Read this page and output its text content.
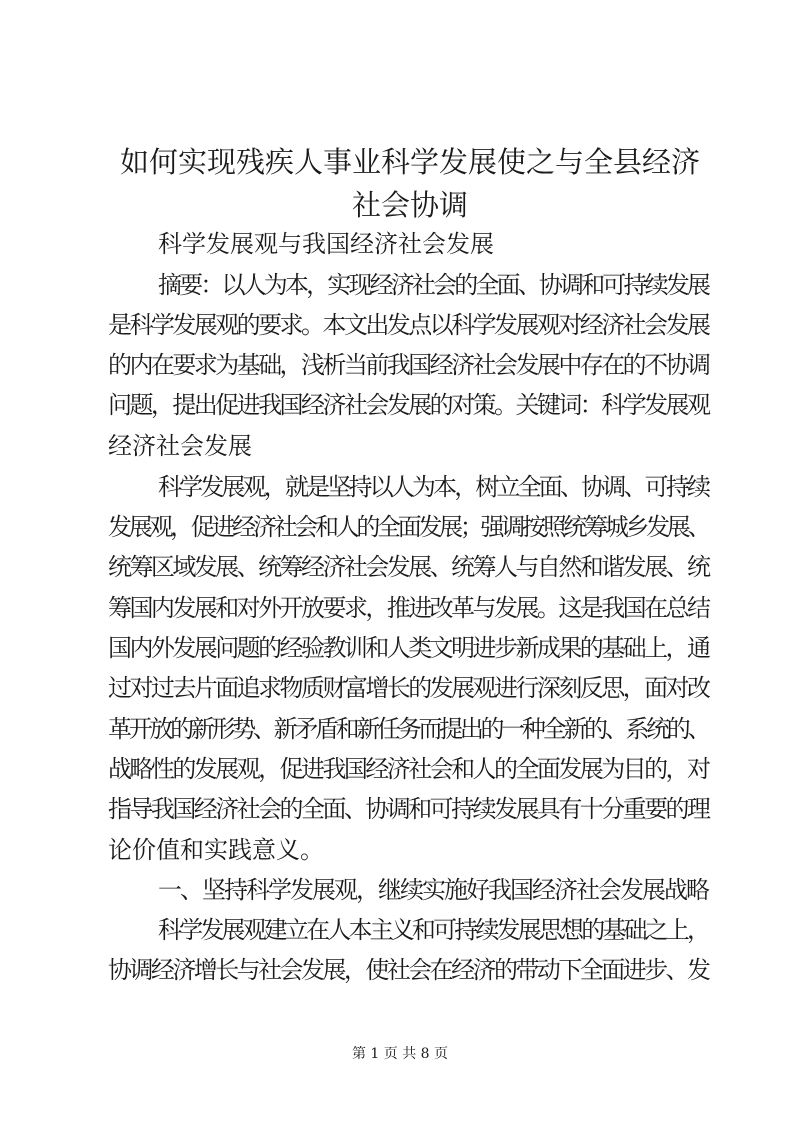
如何实现残疾人事业科学发展使之与全县经济
社会协调
科学发展观与我国经济社会发展
摘要：以人为本，实现经济社会的全面、协调和可持续发展
是科学发展观的要求。本文出发点以科学发展观对经济社会发展
的内在要求为基础，浅析当前我国经济社会发展中存在的不协调
问题，提出促进我国经济社会发展的对策。关键词：科学发展观
经济社会发展
科学发展观，就是坚持以人为本，树立全面、协调、可持续
发展观，促进经济社会和人的全面发展；强调按照统筹城乡发展、
统筹区域发展、统筹经济社会发展、统筹人与自然和谐发展、统
筹国内发展和对外开放要求，推进改革与发展。这是我国在总结
国内外发展问题的经验教训和人类文明进步新成果的基础上，通
过对过去片面追求物质财富增长的发展观进行深刻反思，面对改
革开放的新形势、新矛盾和新任务而提出的一种全新的、系统的、
战略性的发展观，促进我国经济社会和人的全面发展为目的，对
指导我国经济社会的全面、协调和可持续发展具有十分重要的理
论价值和实践意义。
一、坚持科学发展观，继续实施好我国经济社会发展战略
科学发展观建立在人本主义和可持续发展思想的基础之上，
协调经济增长与社会发展，使社会在经济的带动下全面进步、发
第 1 页 共 8 页
